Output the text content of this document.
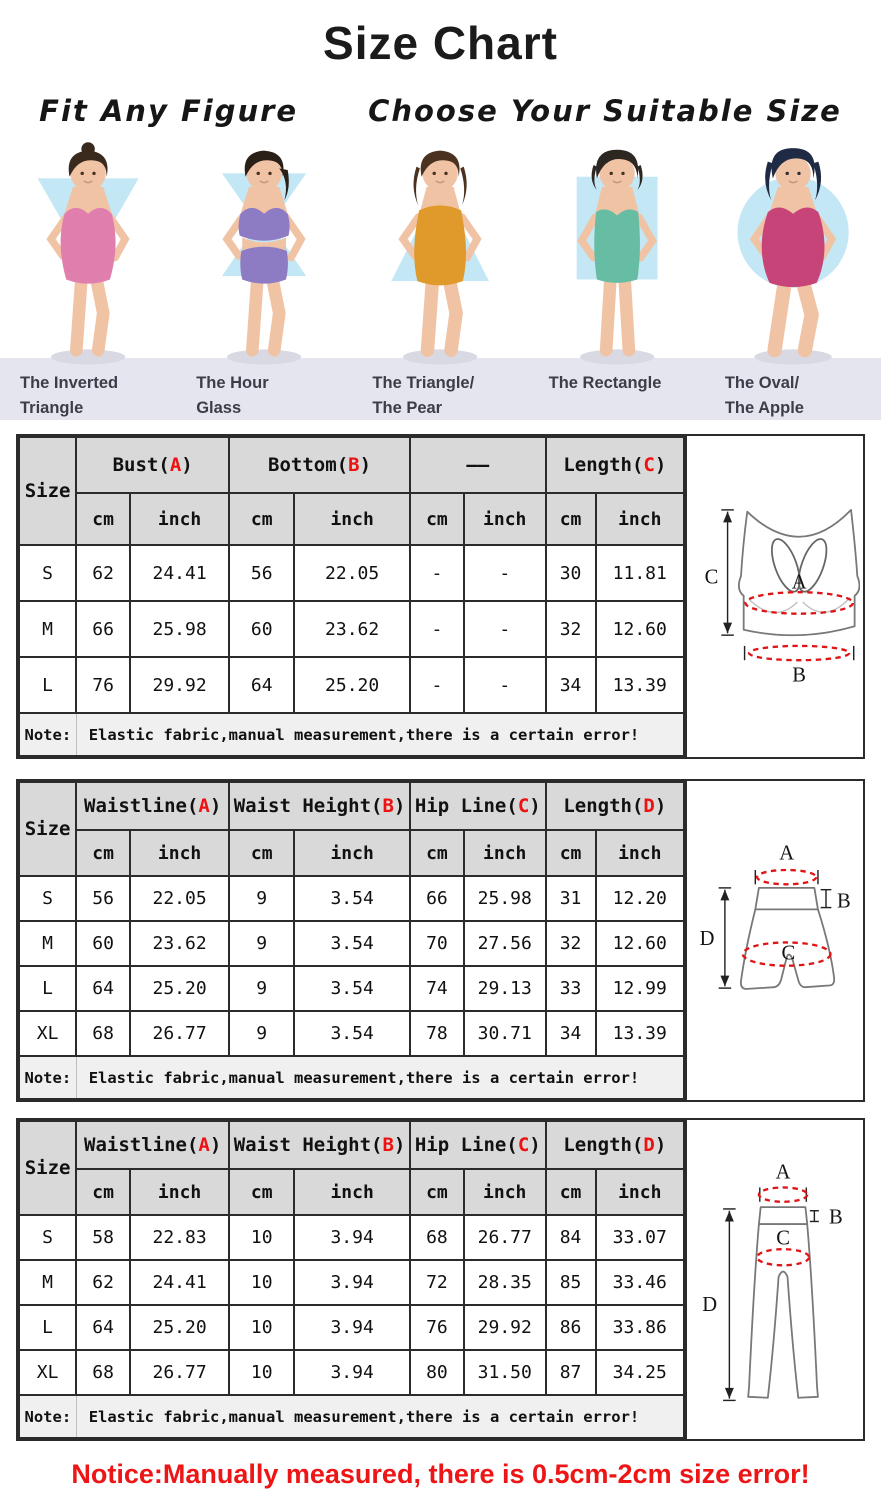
Size Chart
Fit Any Figure Choose Your Suitable Size
The Inverted
Triangle
The Hour
Glass
The Triangle/
The Pear
The Rectangle	The Oval/
The Apple
Size	Bust(A)		Bottom(B)		——		Length(C)	
	cm	inch	cm	inch	cm	inch	cm	inch
S	62	24.41	56	22.05	-	-	30	11.81
M	66	25.98	60	23.62	-	-	32	12.60
L	76	29.92	64	25.20	-	-	34	13.39
Note:	Elastic fabric,manual measurement,there is a certain error!							
C	A
B
Size	Waistline(A)		Waist Height(B)		Hip Line(C)		Length(D)	
	cm	inch	cm	inch	cm	inch	cm	inch
S	56	22.05	9	3.54	66	25.98	31	12.20
M	60	23.62	9	3.54	70	27.56	32	12.60
L	64	25.20	9	3.54	74	29.13	33	12.99
XL	68	26.77	9	3.54	78	30.71	34	13.39
Note:	Elastic fabric,manual measurement,there is a certain error!							
A
B
C
D
Size	Waistline(A)		Waist Height(B)		Hip Line(C)		Length(D)	
	cm	inch	cm	inch	cm	inch	cm	inch
S	58	22.83	10	3.94	68	26.77	84	33.07
M	62	24.41	10	3.94	72	28.35	85	33.46
L	64	25.20	10	3.94	76	29.92	86	33.86
XL	68	26.77	10	3.94	80	31.50	87	34.25
Note:	Elastic fabric,manual measurement,there is a certain error!							
A
B
C
D
Notice:Manually measured, there is 0.5cm-2cm size error!
